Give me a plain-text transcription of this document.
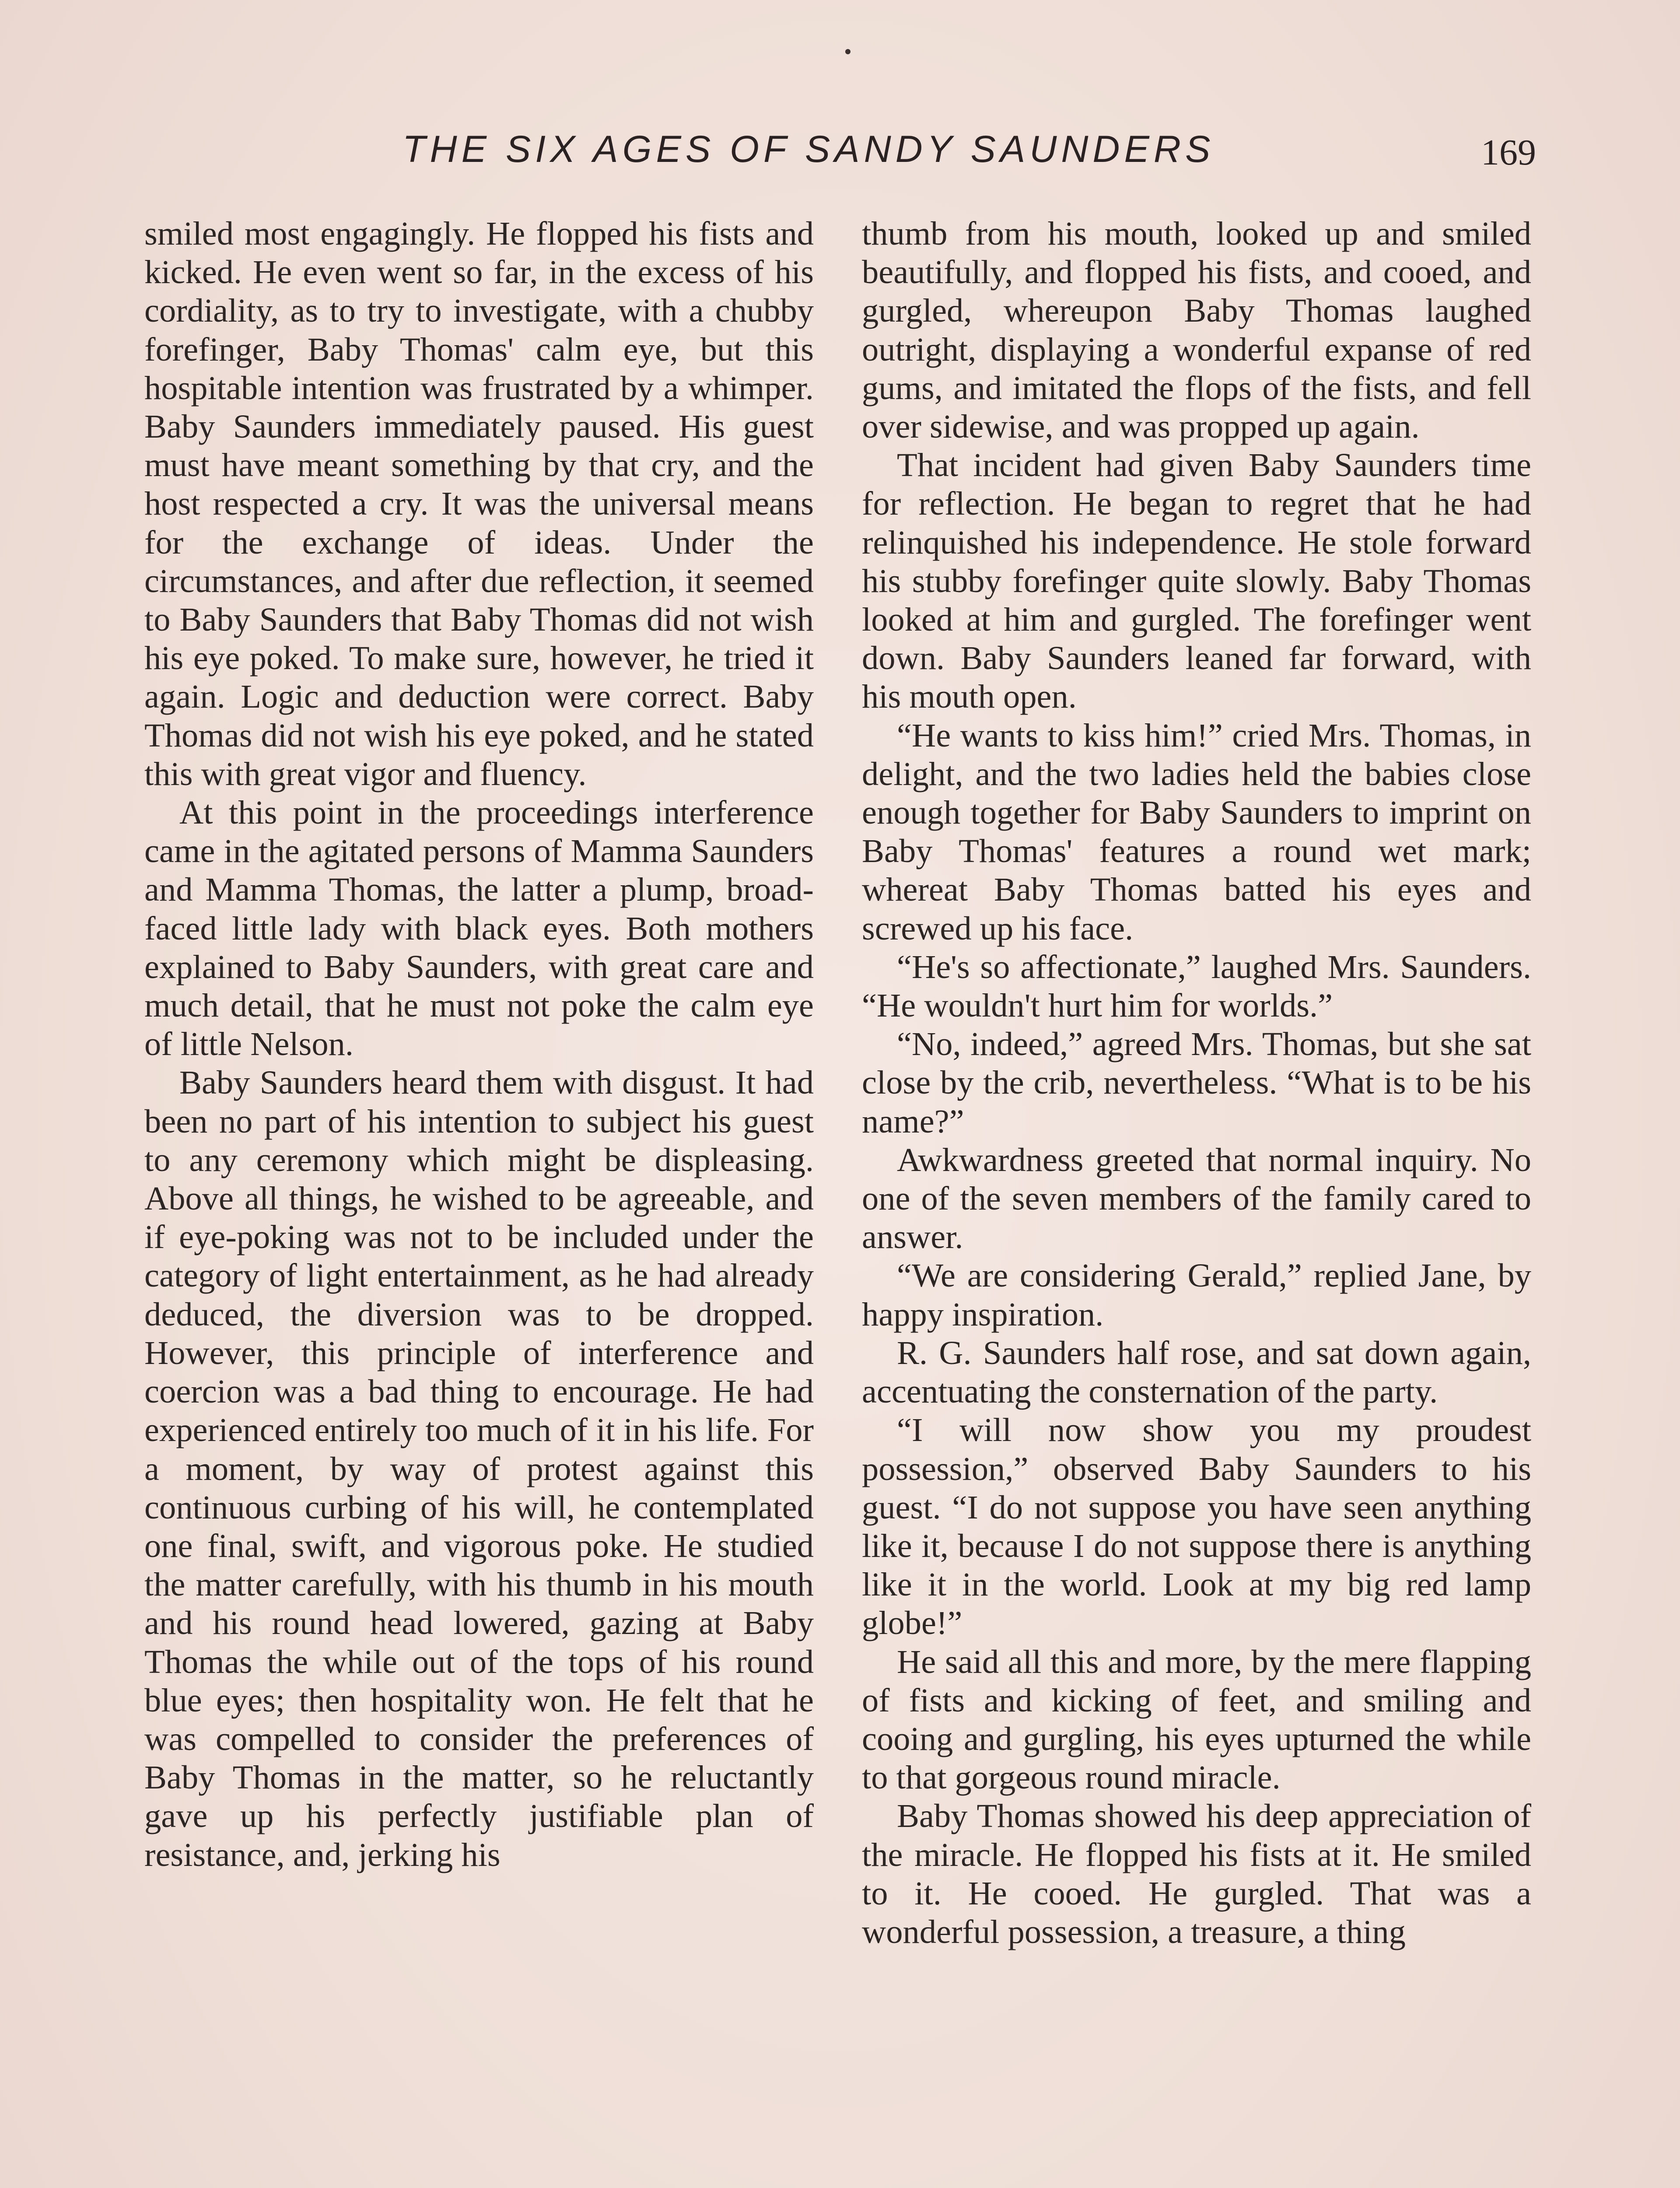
THE SIX AGES OF SANDY SAUNDERS	169

smiled most engagingly. He flopped his fists and kicked. He even went so far, in the excess of his cordiality, as to try to investigate, with a chubby forefinger, Baby Thomas' calm eye, but this hospitable intention was frustrated by a whimper. Baby Saunders immediately paused. His guest must have meant something by that cry, and the host respected a cry. It was the universal means for the exchange of ideas. Under the circumstances, and after due reflection, it seemed to Baby Saunders that Baby Thomas did not wish his eye poked. To make sure, however, he tried it again. Logic and deduction were correct. Baby Thomas did not wish his eye poked, and he stated this with great vigor and fluency.

At this point in the proceedings interference came in the agitated persons of Mamma Saunders and Mamma Thomas, the latter a plump, broad-faced little lady with black eyes. Both mothers explained to Baby Saunders, with great care and much detail, that he must not poke the calm eye of little Nelson.

Baby Saunders heard them with disgust. It had been no part of his intention to subject his guest to any ceremony which might be displeasing. Above all things, he wished to be agreeable, and if eye-poking was not to be included under the category of light entertainment, as he had already deduced, the diversion was to be dropped. However, this principle of interference and coercion was a bad thing to encourage. He had experienced entirely too much of it in his life. For a moment, by way of protest against this continuous curbing of his will, he contemplated one final, swift, and vigorous poke. He studied the matter carefully, with his thumb in his mouth and his round head lowered, gazing at Baby Thomas the while out of the tops of his round blue eyes; then hospitality won. He felt that he was compelled to consider the preferences of Baby Thomas in the matter, so he reluctantly gave up his perfectly justifiable plan of resistance, and, jerking his

thumb from his mouth, looked up and smiled beautifully, and flopped his fists, and cooed, and gurgled, whereupon Baby Thomas laughed outright, displaying a wonderful expanse of red gums, and imitated the flops of the fists, and fell over sidewise, and was propped up again.

That incident had given Baby Saunders time for reflection. He began to regret that he had relinquished his independence. He stole forward his stubby forefinger quite slowly. Baby Thomas looked at him and gurgled. The forefinger went down. Baby Saunders leaned far forward, with his mouth open.

“He wants to kiss him!” cried Mrs. Thomas, in delight, and the two ladies held the babies close enough together for Baby Saunders to imprint on Baby Thomas' features a round wet mark; whereat Baby Thomas batted his eyes and screwed up his face.

“He's so affectionate,” laughed Mrs. Saunders. “He wouldn't hurt him for worlds.”

“No, indeed,” agreed Mrs. Thomas, but she sat close by the crib, nevertheless. “What is to be his name?”

Awkwardness greeted that normal inquiry. No one of the seven members of the family cared to answer.

“We are considering Gerald,” replied Jane, by happy inspiration.

R. G. Saunders half rose, and sat down again, accentuating the consternation of the party.

“I will now show you my proudest possession,” observed Baby Saunders to his guest. “I do not suppose you have seen anything like it, because I do not suppose there is anything like it in the world. Look at my big red lamp globe!”

He said all this and more, by the mere flapping of fists and kicking of feet, and smiling and cooing and gurgling, his eyes upturned the while to that gorgeous round miracle.

Baby Thomas showed his deep appreciation of the miracle. He flopped his fists at it. He smiled to it. He cooed. He gurgled. That was a wonderful possession, a treasure, a thing
